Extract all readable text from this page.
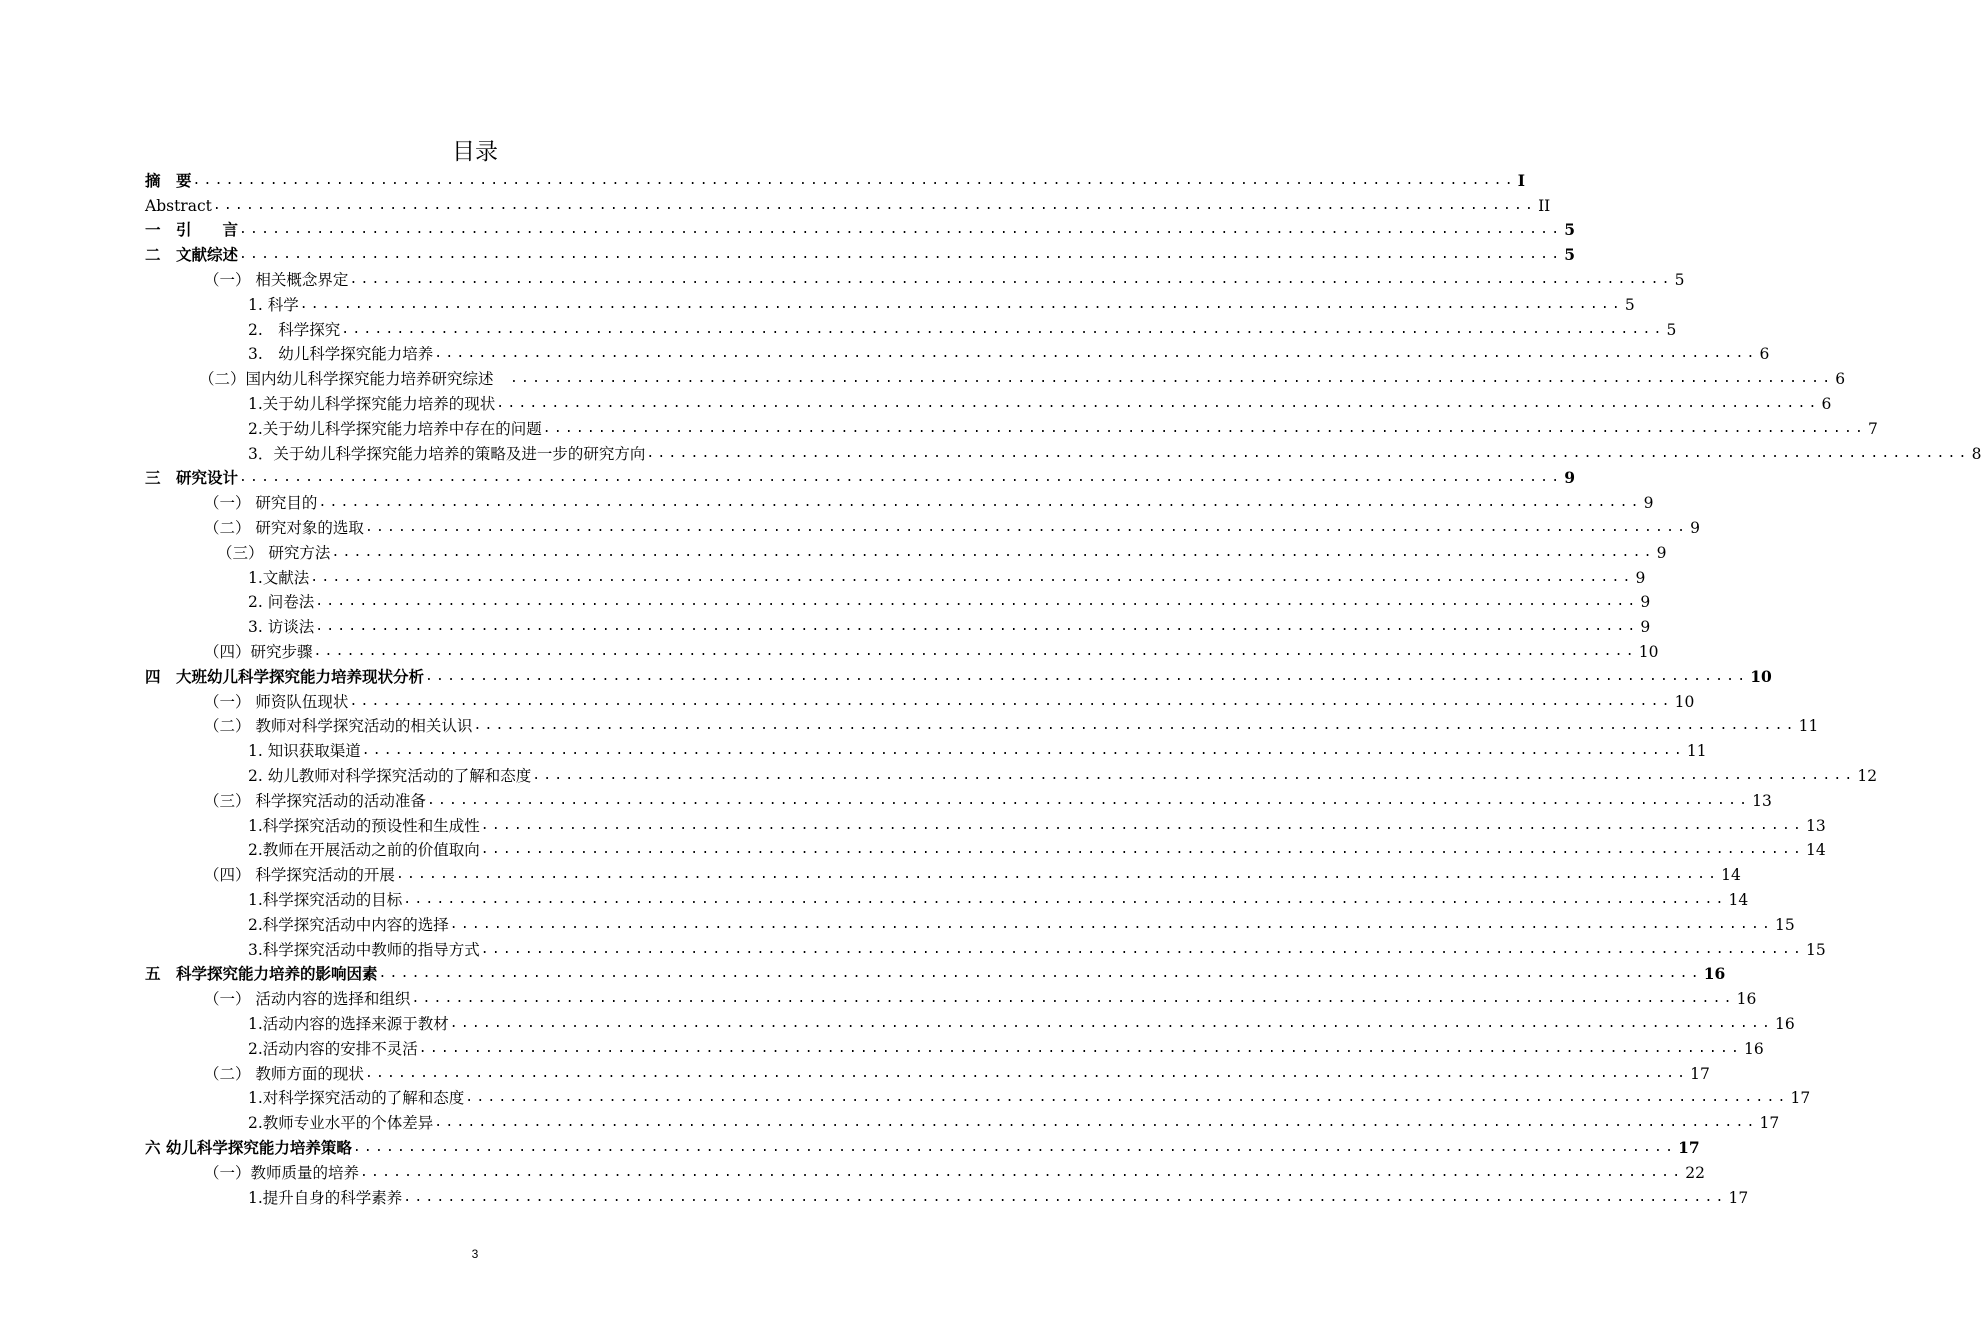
目录
摘　要 ........................................................................................................................ I
Abstract ........................................................................................................................ II
一　引　　言 ........................................................................................................................ 5
二　文献综述 ........................................................................................................................ 5
（一） 相关概念界定 ........................................................................................................................ 5
1. 科学 ........................................................................................................................ 5
2.　科学探究 ........................................................................................................................ 5
3.　幼儿科学探究能力培养 ........................................................................................................................ 6
（二）国内幼儿科学探究能力培养研究综述　 ........................................................................................................................ 6
1.关于幼儿科学探究能力培养的现状 ........................................................................................................................ 6
2.关于幼儿科学探究能力培养中存在的问题 ........................................................................................................................ 7
3．关于幼儿科学探究能力培养的策略及进一步的研究方向 ........................................................................................................................ 8
三　研究设计 ........................................................................................................................ 9
（一） 研究目的 ........................................................................................................................ 9
（二） 研究对象的选取 ........................................................................................................................ 9
（三） 研究方法 ........................................................................................................................ 9
1.文献法 ........................................................................................................................ 9
2. 问卷法 ........................................................................................................................ 9
3. 访谈法 ........................................................................................................................ 9
（四）研究步骤 ........................................................................................................................ 10
四　大班幼儿科学探究能力培养现状分析 ........................................................................................................................ 10
（一） 师资队伍现状 ........................................................................................................................ 10
（二） 教师对科学探究活动的相关认识 ........................................................................................................................ 11
1. 知识获取渠道 ........................................................................................................................ 11
2. 幼儿教师对科学探究活动的了解和态度 ........................................................................................................................ 12
（三） 科学探究活动的活动准备 ........................................................................................................................ 13
1.科学探究活动的预设性和生成性 ........................................................................................................................ 13
2.教师在开展活动之前的价值取向 ........................................................................................................................ 14
（四） 科学探究活动的开展 ........................................................................................................................ 14
1.科学探究活动的目标 ........................................................................................................................ 14
2.科学探究活动中内容的选择 ........................................................................................................................ 15
3.科学探究活动中教师的指导方式 ........................................................................................................................ 15
五　科学探究能力培养的影响因素 ........................................................................................................................ 16
（一） 活动内容的选择和组织 ........................................................................................................................ 16
1.活动内容的选择来源于教材 ........................................................................................................................ 16
2.活动内容的安排不灵活 ........................................................................................................................ 16
（二） 教师方面的现状 ........................................................................................................................ 17
1.对科学探究活动的了解和态度 ........................................................................................................................ 17
2.教师专业水平的个体差异 ........................................................................................................................ 17
六 幼儿科学探究能力培养策略 ........................................................................................................................ 17
（一）教师质量的培养 ........................................................................................................................ 22
1.提升自身的科学素养 ........................................................................................................................ 17
3
